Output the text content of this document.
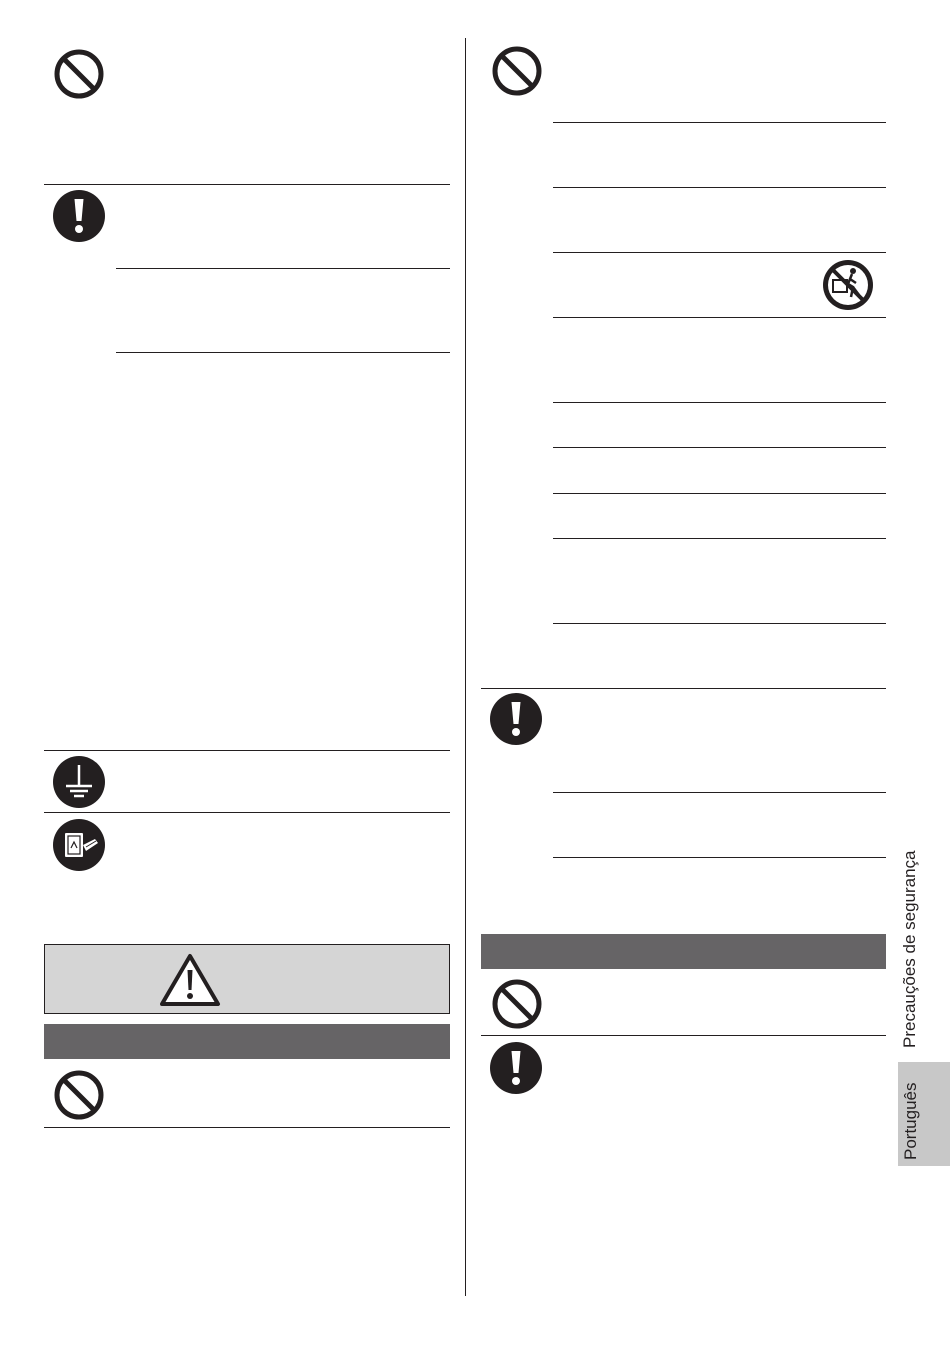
Precauções de segurança
Português
